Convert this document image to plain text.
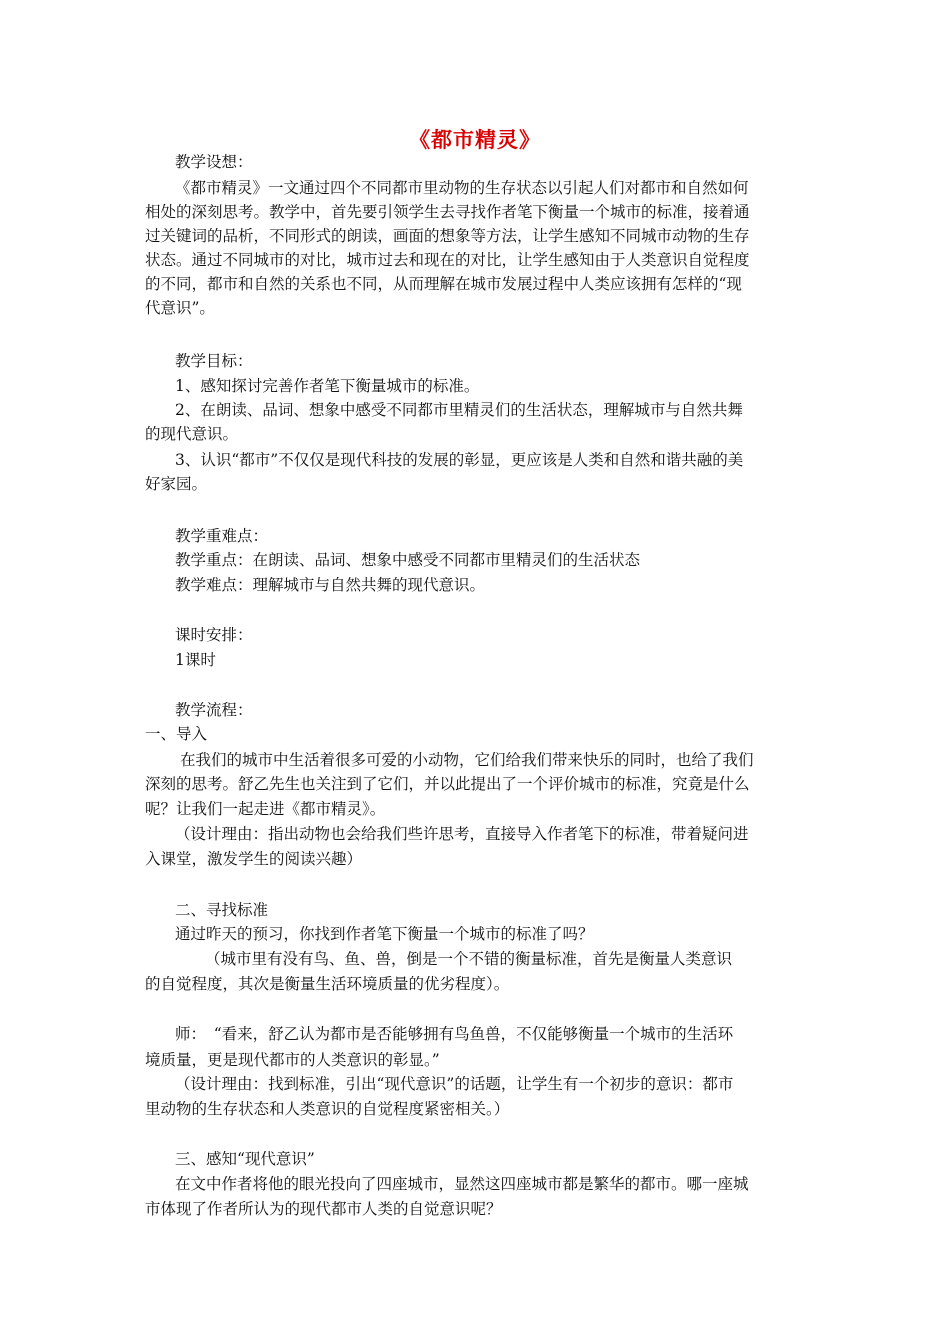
《都市精灵》
教学设想：
《都市精灵》一文通过四个不同都市里动物的生存状态以引起人们对都市和自然如何
相处的深刻思考。教学中，首先要引领学生去寻找作者笔下衡量一个城市的标准，接着通
过关键词的品析，不同形式的朗读，画面的想象等方法，让学生感知不同城市动物的生存
状态。通过不同城市的对比，城市过去和现在的对比，让学生感知由于人类意识自觉程度
的不同，都市和自然的关系也不同，从而理解在城市发展过程中人类应该拥有怎样的“现
代意识”。
教学目标：
1、感知探讨完善作者笔下衡量城市的标准。
2、在朗读、品词、想象中感受不同都市里精灵们的生活状态，理解城市与自然共舞
的现代意识。
3、认识“都市”不仅仅是现代科技的发展的彰显，更应该是人类和自然和谐共融的美
好家园。
教学重难点：
教学重点：在朗读、品词、想象中感受不同都市里精灵们的生活状态
教学难点：理解城市与自然共舞的现代意识。
课时安排：
1课时
教学流程：
一、导入
在我们的城市中生活着很多可爱的小动物，它们给我们带来快乐的同时，也给了我们
深刻的思考。舒乙先生也关注到了它们，并以此提出了一个评价城市的标准，究竟是什么
呢？让我们一起走进《都市精灵》。
（设计理由：指出动物也会给我们些许思考，直接导入作者笔下的标准，带着疑问进
入课堂，激发学生的阅读兴趣）
二、寻找标准
通过昨天的预习，你找到作者笔下衡量一个城市的标准了吗？
（城市里有没有鸟、鱼、兽，倒是一个不错的衡量标准，首先是衡量人类意识
的自觉程度，其次是衡量生活环境质量的优劣程度）。
师：　“看来，舒乙认为都市是否能够拥有鸟鱼兽，不仅能够衡量一个城市的生活环
境质量，更是现代都市的人类意识的彰显。”
（设计理由：找到标准，引出“现代意识”的话题，让学生有一个初步的意识：都市
里动物的生存状态和人类意识的自觉程度紧密相关。）
三、感知“现代意识”
在文中作者将他的眼光投向了四座城市，显然这四座城市都是繁华的都市。哪一座城
市体现了作者所认为的现代都市人类的自觉意识呢？
